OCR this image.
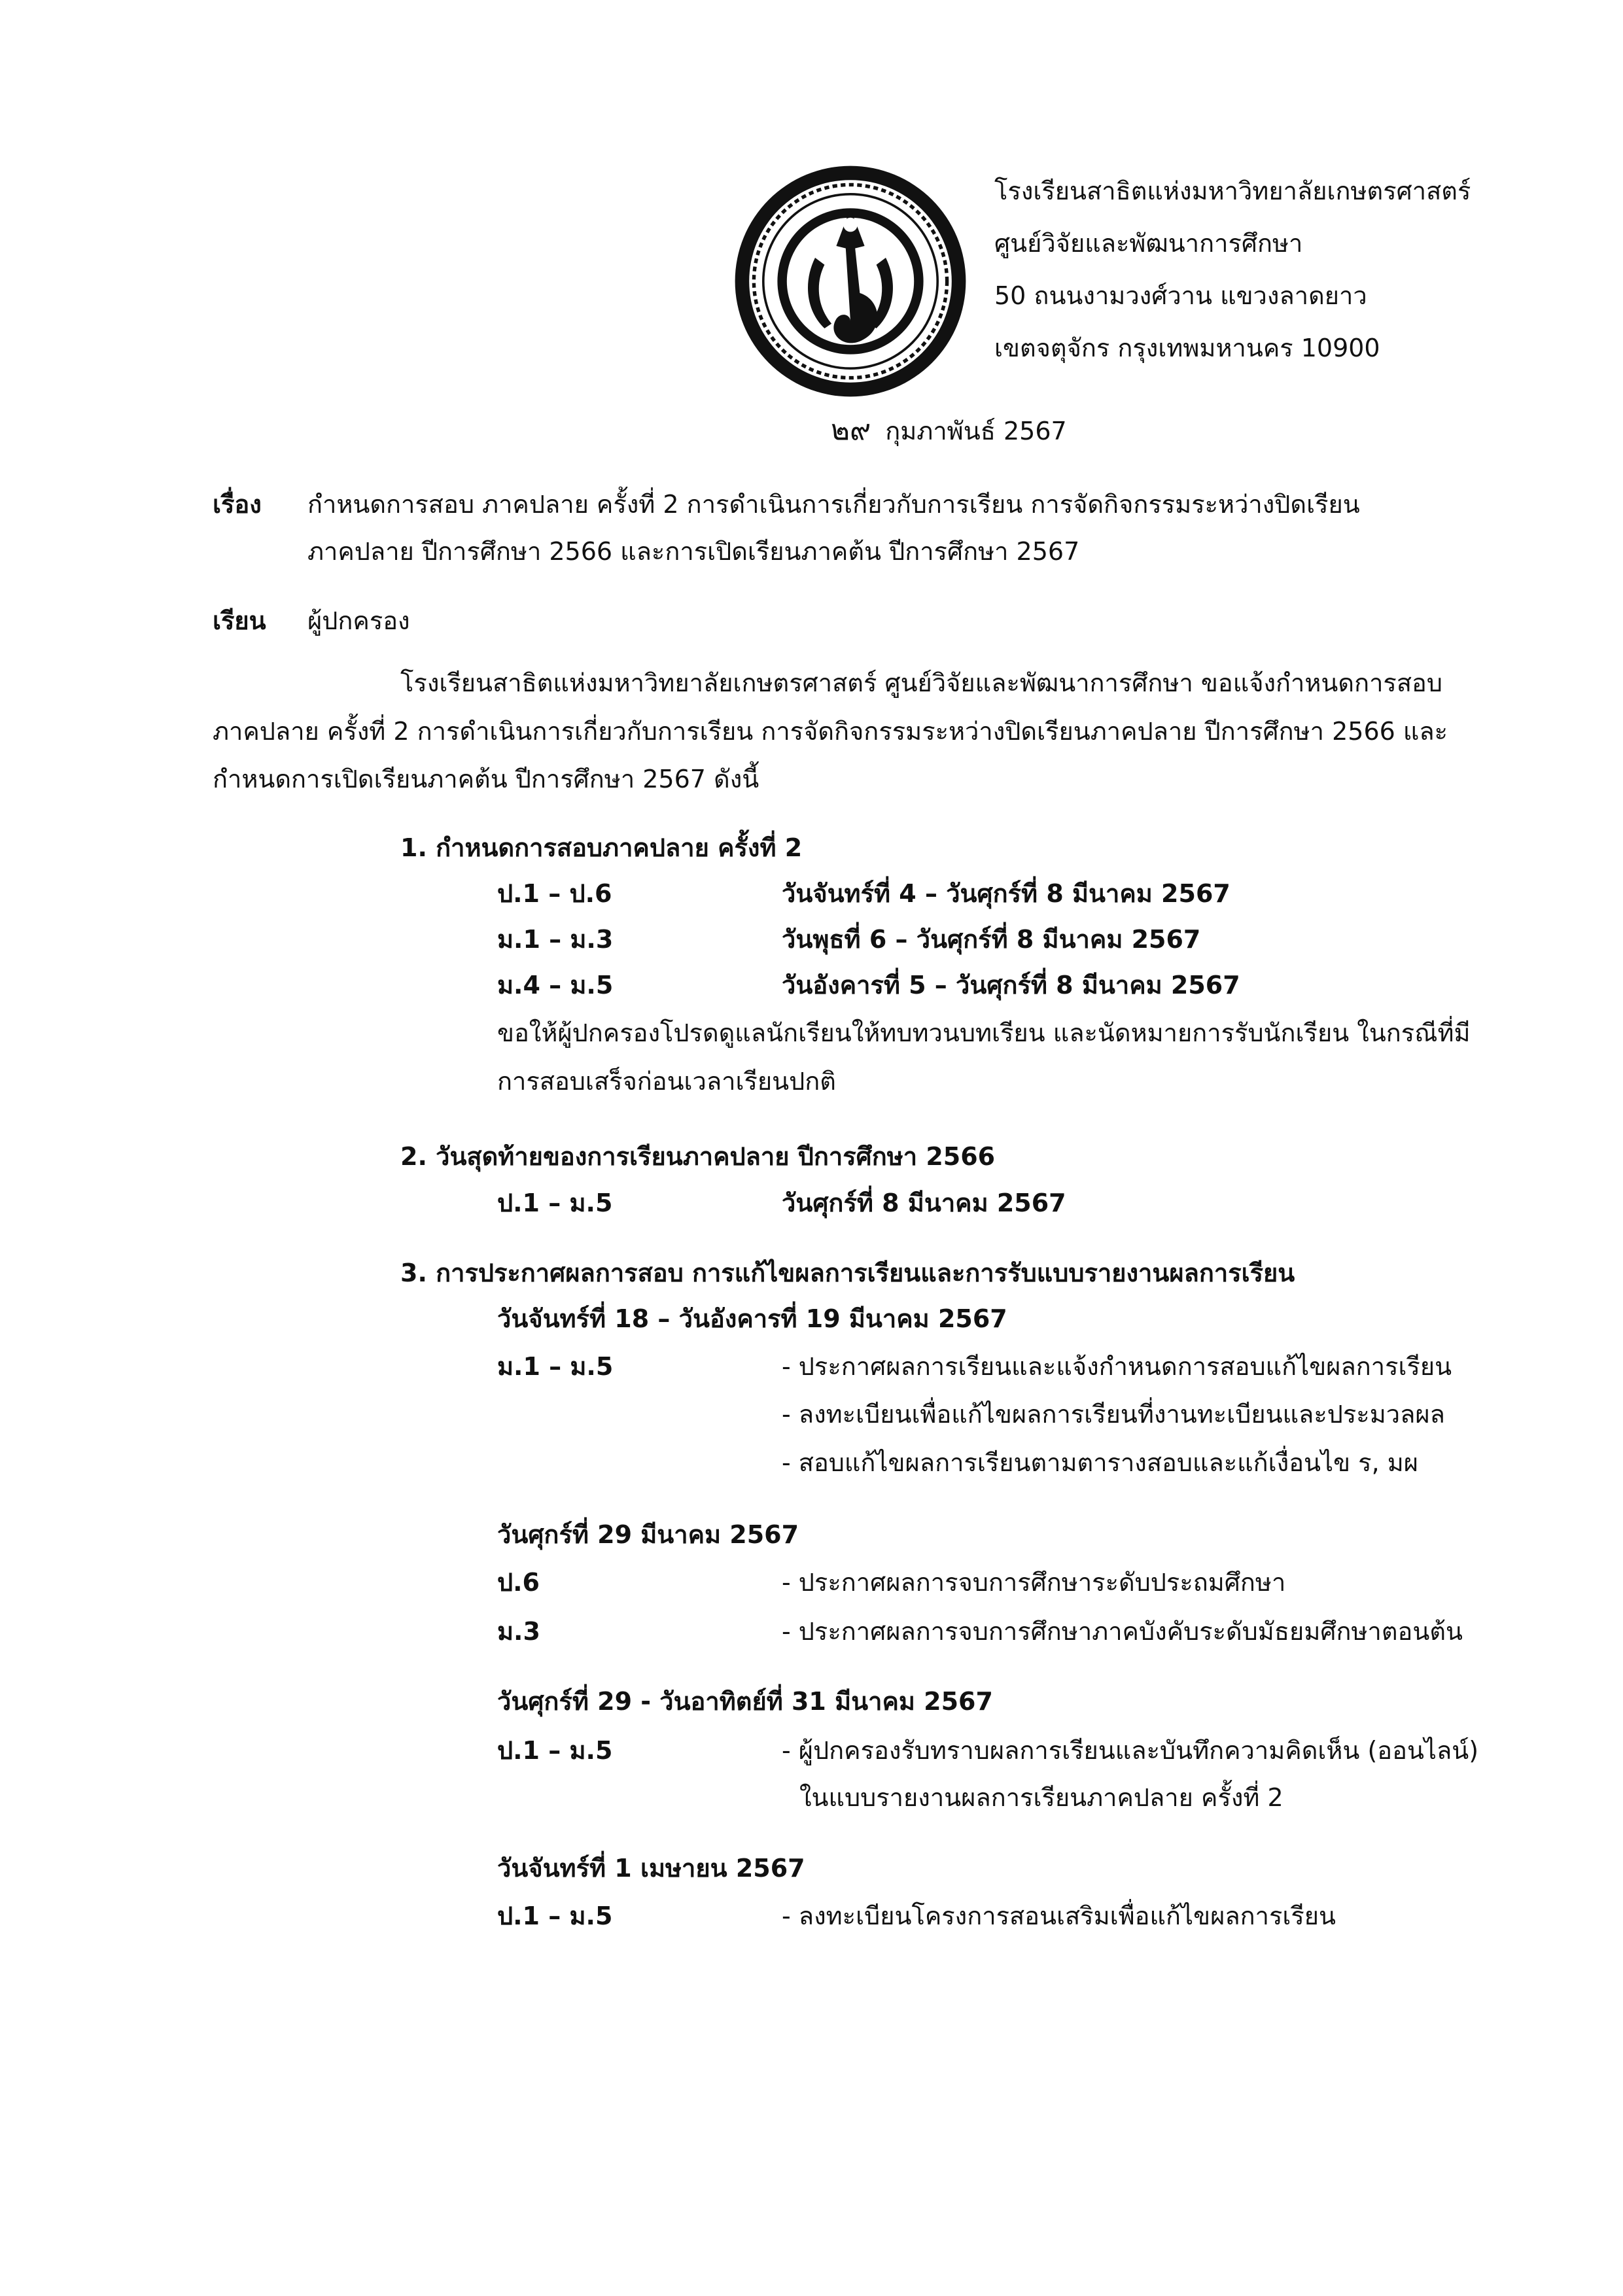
โรงเรียนสาธิตแห่งมหาวิทยาลัยเกษตรศาสตร์
ศูนย์วิจัยและพัฒนาการศึกษา
50 ถนนงามวงศ์วาน แขวงลาดยาว
เขตจตุจักร กรุงเทพมหานคร 10900
๒๙ กุมภาพันธ์ 2567
เรื่อง กำหนดการสอบ ภาคปลาย ครั้งที่ 2 การดำเนินการเกี่ยวกับการเรียน การจัดกิจกรรมระหว่างปิดเรียน
ภาคปลาย ปีการศึกษา 2566 และการเปิดเรียนภาคต้น ปีการศึกษา 2567
เรียน ผู้ปกครอง
โรงเรียนสาธิตแห่งมหาวิทยาลัยเกษตรศาสตร์ ศูนย์วิจัยและพัฒนาการศึกษา ขอแจ้งกำหนดการสอบ
ภาคปลาย ครั้งที่ 2 การดำเนินการเกี่ยวกับการเรียน การจัดกิจกรรมระหว่างปิดเรียนภาคปลาย ปีการศึกษา 2566 และ
กำหนดการเปิดเรียนภาคต้น ปีการศึกษา 2567 ดังนี้
1. กำหนดการสอบภาคปลาย ครั้งที่ 2
ป.1 – ป.6	วันจันทร์ที่ 4 – วันศุกร์ที่ 8 มีนาคม 2567
ม.1 – ม.3	วันพุธที่ 6 – วันศุกร์ที่ 8 มีนาคม 2567
ม.4 – ม.5	วันอังคารที่ 5 – วันศุกร์ที่ 8 มีนาคม 2567
ขอให้ผู้ปกครองโปรดดูแลนักเรียนให้ทบทวนบทเรียน และนัดหมายการรับนักเรียน ในกรณีที่มี
การสอบเสร็จก่อนเวลาเรียนปกติ
2. วันสุดท้ายของการเรียนภาคปลาย ปีการศึกษา 2566
ป.1 – ม.5	วันศุกร์ที่ 8 มีนาคม 2567
3. การประกาศผลการสอบ การแก้ไขผลการเรียนและการรับแบบรายงานผลการเรียน
วันจันทร์ที่ 18 – วันอังคารที่ 19 มีนาคม 2567
ม.1 – ม.5	- ประกาศผลการเรียนและแจ้งกำหนดการสอบแก้ไขผลการเรียน
- ลงทะเบียนเพื่อแก้ไขผลการเรียนที่งานทะเบียนและประมวลผล
- สอบแก้ไขผลการเรียนตามตารางสอบและแก้เงื่อนไข ร, มผ
วันศุกร์ที่ 29 มีนาคม 2567
ป.6	- ประกาศผลการจบการศึกษาระดับประถมศึกษา
ม.3	- ประกาศผลการจบการศึกษาภาคบังคับระดับมัธยมศึกษาตอนต้น
วันศุกร์ที่ 29 - วันอาทิตย์ที่ 31 มีนาคม 2567
ป.1 – ม.5	- ผู้ปกครองรับทราบผลการเรียนและบันทึกความคิดเห็น (ออนไลน์)
ในแบบรายงานผลการเรียนภาคปลาย ครั้งที่ 2
วันจันทร์ที่ 1 เมษายน 2567
ป.1 – ม.5	- ลงทะเบียนโครงการสอนเสริมเพื่อแก้ไขผลการเรียน
